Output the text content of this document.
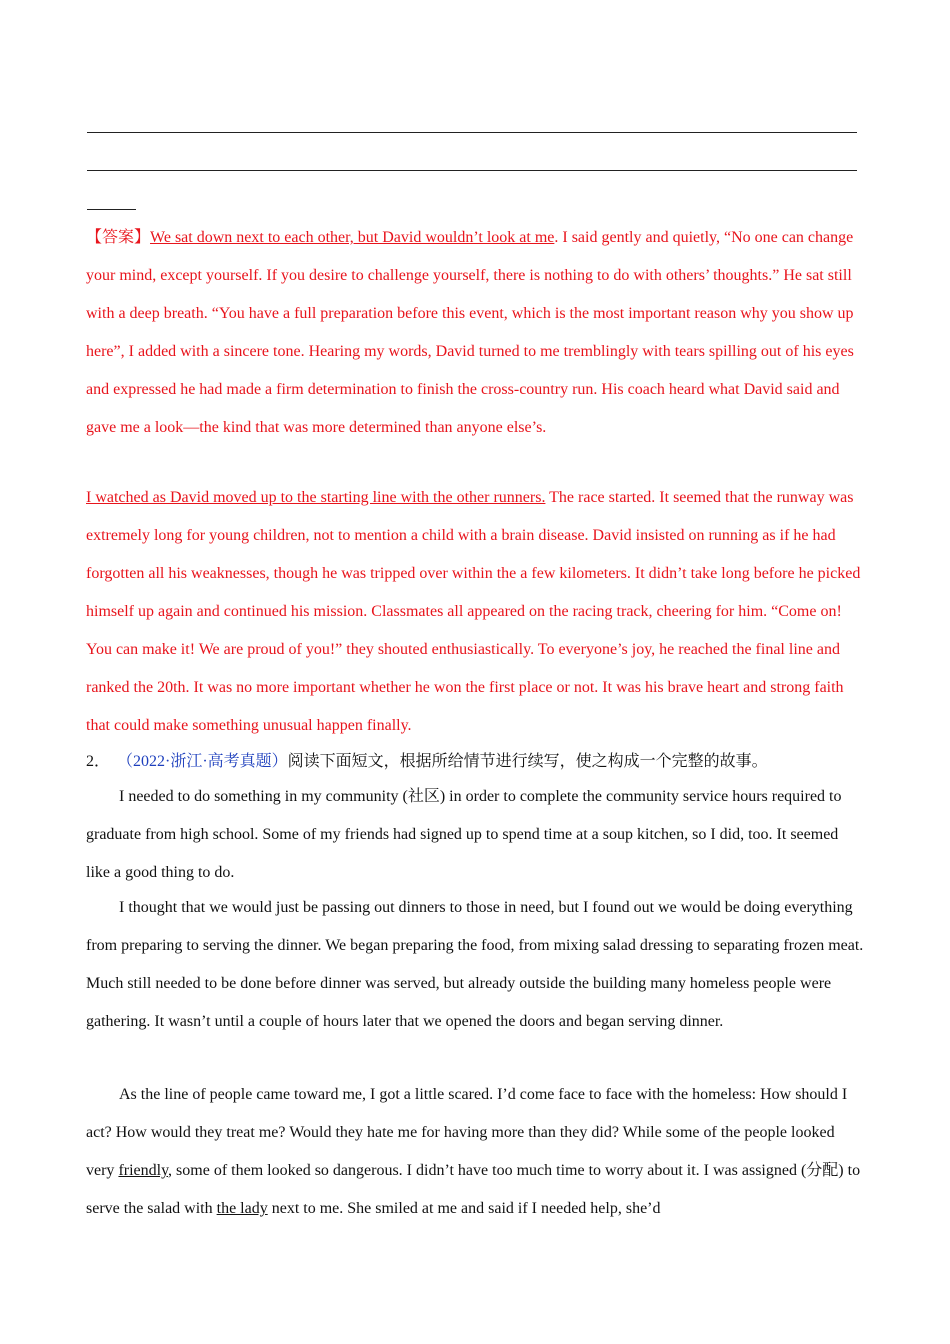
【答案】We sat down next to each other, but David wouldn’t look at me. I said gently and quietly, “No one can change your mind, except yourself. If you desire to challenge yourself, there is nothing to do with others’ thoughts.” He sat still with a deep breath. “You have a full preparation before this event, which is the most important reason why you show up here”, I added with a sincere tone. Hearing my words, David turned to me tremblingly with tears spilling out of his eyes and expressed he had made a firm determination to finish the cross-country run. His coach heard what David said and gave me a look—the kind that was more determined than anyone else’s.

I watched as David moved up to the starting line with the other runners. The race started. It seemed that the runway was extremely long for young children, not to mention a child with a brain disease. David insisted on running as if he had forgotten all his weaknesses, though he was tripped over within the a few kilometers. It didn’t take long before he picked himself up again and continued his mission. Classmates all appeared on the racing track, cheering for him. “Come on! You can make it! We are proud of you!” they shouted enthusiastically. To everyone’s joy, he reached the final line and ranked the 20th. It was no more important whether he won the first place or not. It was his brave heart and strong faith that could make something unusual happen finally.

2． （2022·浙江·高考真题）阅读下面短文，根据所给情节进行续写，使之构成一个完整的故事。

I needed to do something in my community (社区) in order to complete the community service hours required to graduate from high school. Some of my friends had signed up to spend time at a soup kitchen, so I did, too. It seemed like a good thing to do.

I thought that we would just be passing out dinners to those in need, but I found out we would be doing everything from preparing to serving the dinner. We began preparing the food, from mixing salad dressing to separating frozen meat. Much still needed to be done before dinner was served, but already outside the building many homeless people were gathering. It wasn’t until a couple of hours later that we opened the doors and began serving dinner.

As the line of people came toward me, I got a little scared. I’d come face to face with the homeless: How should I act? How would they treat me? Would they hate me for having more than they did? While some of the people looked very friendly, some of them looked so dangerous. I didn’t have too much time to worry about it. I was assigned (分配) to serve the salad with the lady next to me. She smiled at me and said if I needed help, she’d
